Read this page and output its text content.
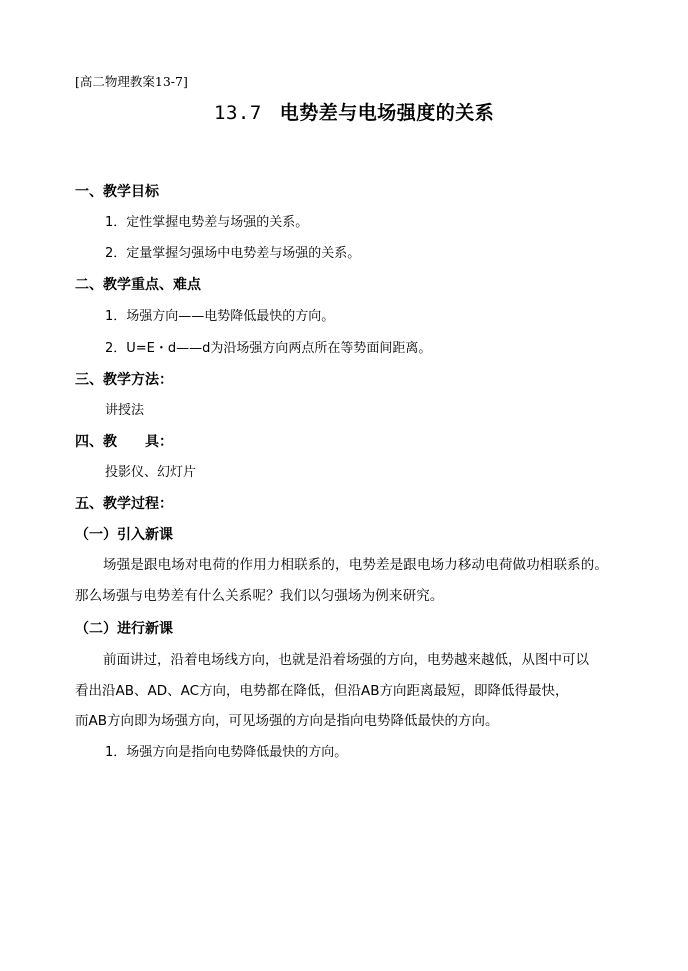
[高二物理教案13-7]
13.7 电势差与电场强度的关系
一、教学目标
1．定性掌握电势差与场强的关系。
2．定量掌握匀强场中电势差与场强的关系。
二、教学重点、难点
1．场强方向——电势降低最快的方向。
2．U=E・d——d为沿场强方向两点所在等势面间距离。
三、教学方法：
讲授法
四、教　　具：
投影仪、幻灯片
五、教学过程：
（一）引入新课
场强是跟电场对电荷的作用力相联系的，电势差是跟电场力移动电荷做功相联系的。
那么场强与电势差有什么关系呢？我们以匀强场为例来研究。
（二）进行新课
前面讲过，沿着电场线方向，也就是沿着场强的方向，电势越来越低，从图中可以
看出沿AB、AD、AC方向，电势都在降低，但沿AB方向距离最短，即降低得最快，
而AB方向即为场强方向，可见场强的方向是指向电势降低最快的方向。
1．场强方向是指向电势降低最快的方向。
